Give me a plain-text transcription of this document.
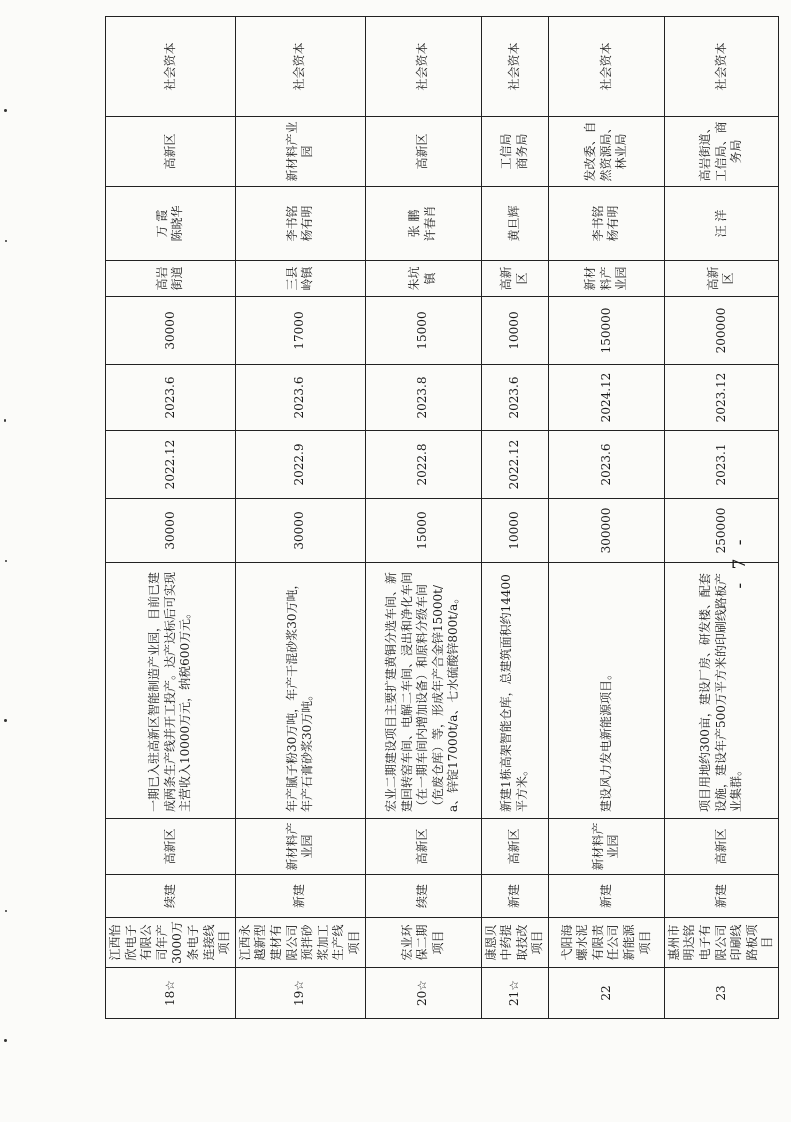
18☆	江西怡欣电子有限公司年产3000万条电子连接线项目	续建	高新区	一期已入驻高新区智能制造产业园，目前已建成两条生产线并开工投产。达产达标后可实现主营收入10000万元，纳税600万元。	30000	2022.12	2023.6	30000	高岩街道	万 霞 陈晓华	高新区	社会资本
19☆	江西永越新型建材有限公司预拌砂浆加工生产线项目	新建	新材料产业园	年产腻子粉30万吨，年产干混砂浆30万吨，年产石膏砂浆30万吨。	30000	2022.9	2023.6	17000	三县岭镇	李书铭 杨有明	新材料产业园	社会资本
20☆	宏业环保二期项目	续建	高新区	宏业二期建设项目主要扩建黄铜分选车间、新建回转窑车间、电解二车间、浸出和净化车间（在一期车间内增加设备）和原料分级车间（危废仓库）等，形成年产合金锌15000t/a、锌锭17000t/a、七水硫酸锌800t/a。	15000	2022.8	2023.8	15000	朱坑镇	张 鹏 许春肖	高新区	社会资本
21☆	康恩贝中药提取技改项目	新建	高新区	新建1栋高架智能仓库，总建筑面积约14400平方米。	10000	2022.12	2023.6	10000	高新区	黄旦辉	工信局 商务局	社会资本
22	弋阳海螺水泥有限责任公司新能源项目	新建	新材料产业园	建设风力发电新能源项目。	300000	2023.6	2024.12	150000	新材料产业园	李书铭 杨有明	发改委、自然资源局、林业局	社会资本
23	惠州市明达铭电子有限公司印刷线路板项目	新建	高新区	项目用地约300亩，建设厂房、研发楼、配套设施，建设年产500万平方米的印刷线路板产业集群。	250000	2023.1	2023.12	200000	高新区	汪 洋	高岩街道、工信局、商务局	社会资本
- 7 -
